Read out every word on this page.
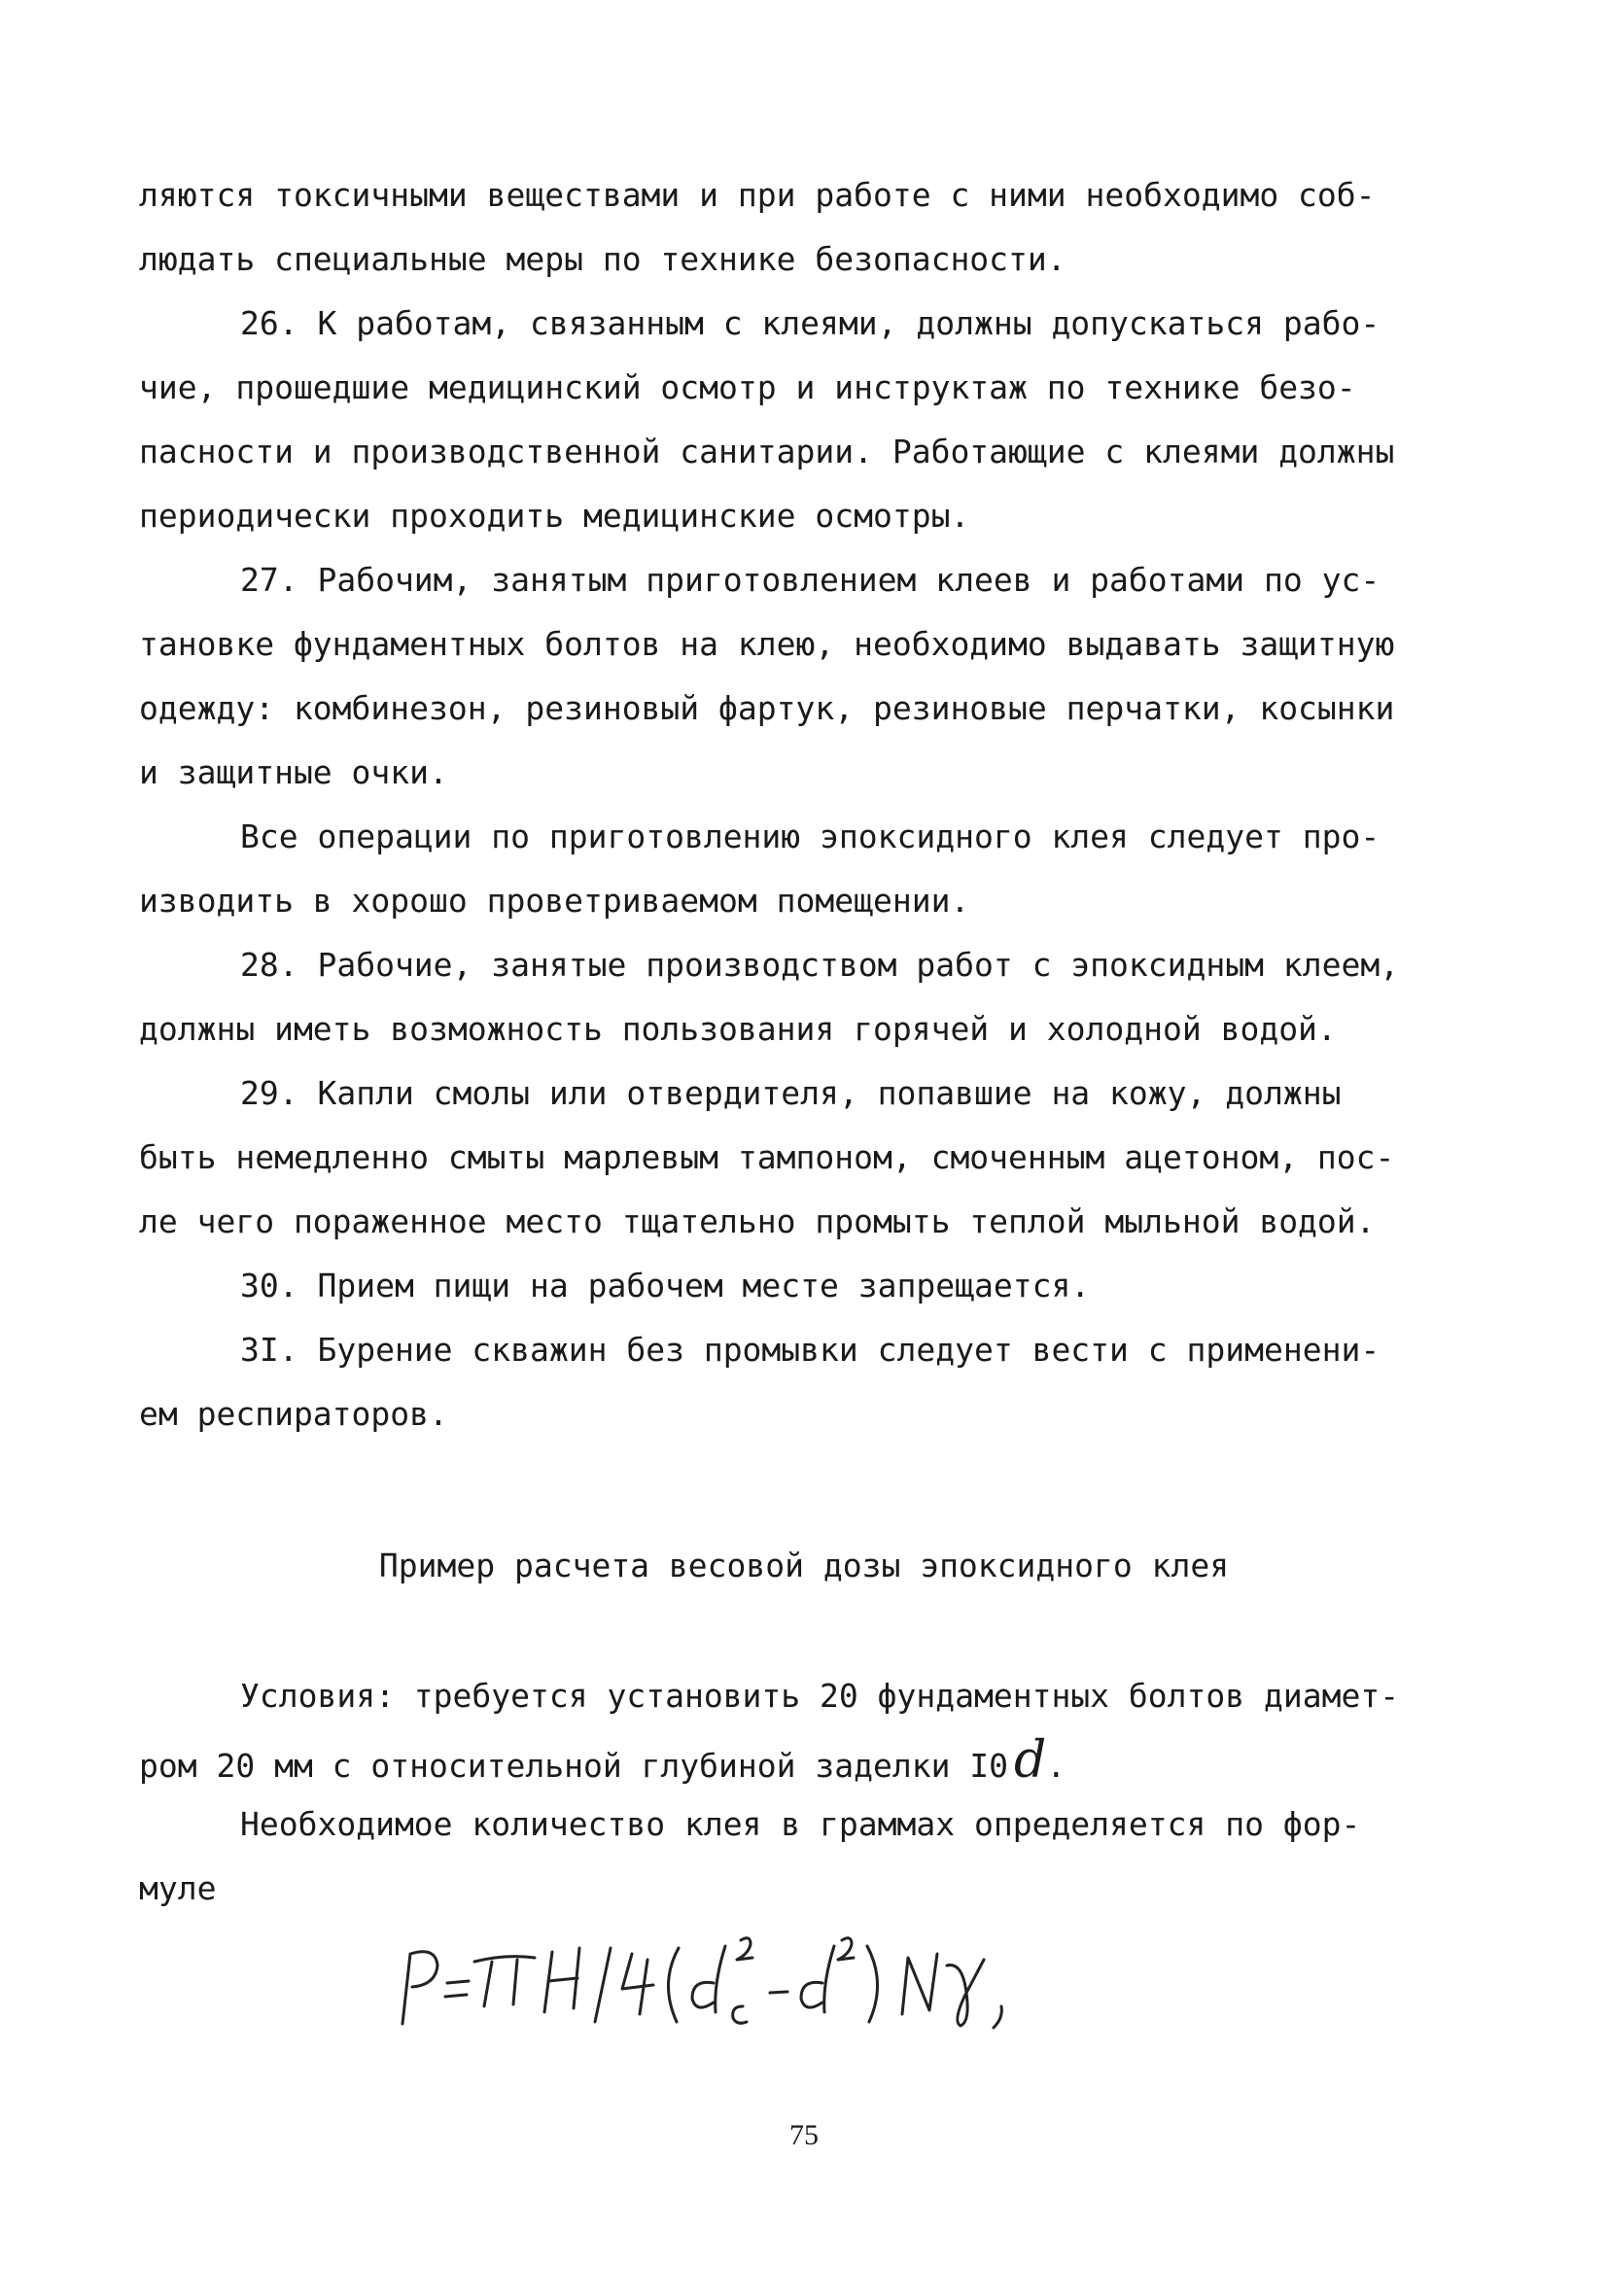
ляются токсичными веществами и при работе с ними необходимо соб-
людать специальные меры по технике безопасности.
26. К работам, связанным с клеями, должны допускаться рабо-
чие, прошедшие медицинский осмотр и инструктаж по технике безо-
пасности и производственной санитарии. Работающие с клеями должны
периодически проходить медицинские осмотры.
27. Рабочим, занятым приготовлением клеев и работами по ус-
тановке фундаментных болтов на клею, необходимо выдавать защитную
одежду: комбинезон, резиновый фартук, резиновые перчатки, косынки
и защитные очки.
Все операции по приготовлению эпоксидного клея следует про-
изводить в хорошо проветриваемом помещении.
28. Рабочие, занятые производством работ с эпоксидным клеем,
должны иметь возможность пользования горячей и холодной водой.
29. Капли смолы или отвердителя, попавшие на кожу, должны
быть немедленно смыты марлевым тампоном, смоченным ацетоном, пос-
ле чего пораженное место тщательно промыть теплой мыльной водой.
30. Прием пищи на рабочем месте запрещается.
3I. Бурение скважин без промывки следует вести с применени-
ем респираторов.
Пример расчета весовой дозы эпоксидного клея
Условия: требуется установить 20 фундаментных болтов диамет-
ром 20 мм с относительной глубиной заделки I0 d.
Необходимое количество клея в граммах определяется по фор-
муле
75
